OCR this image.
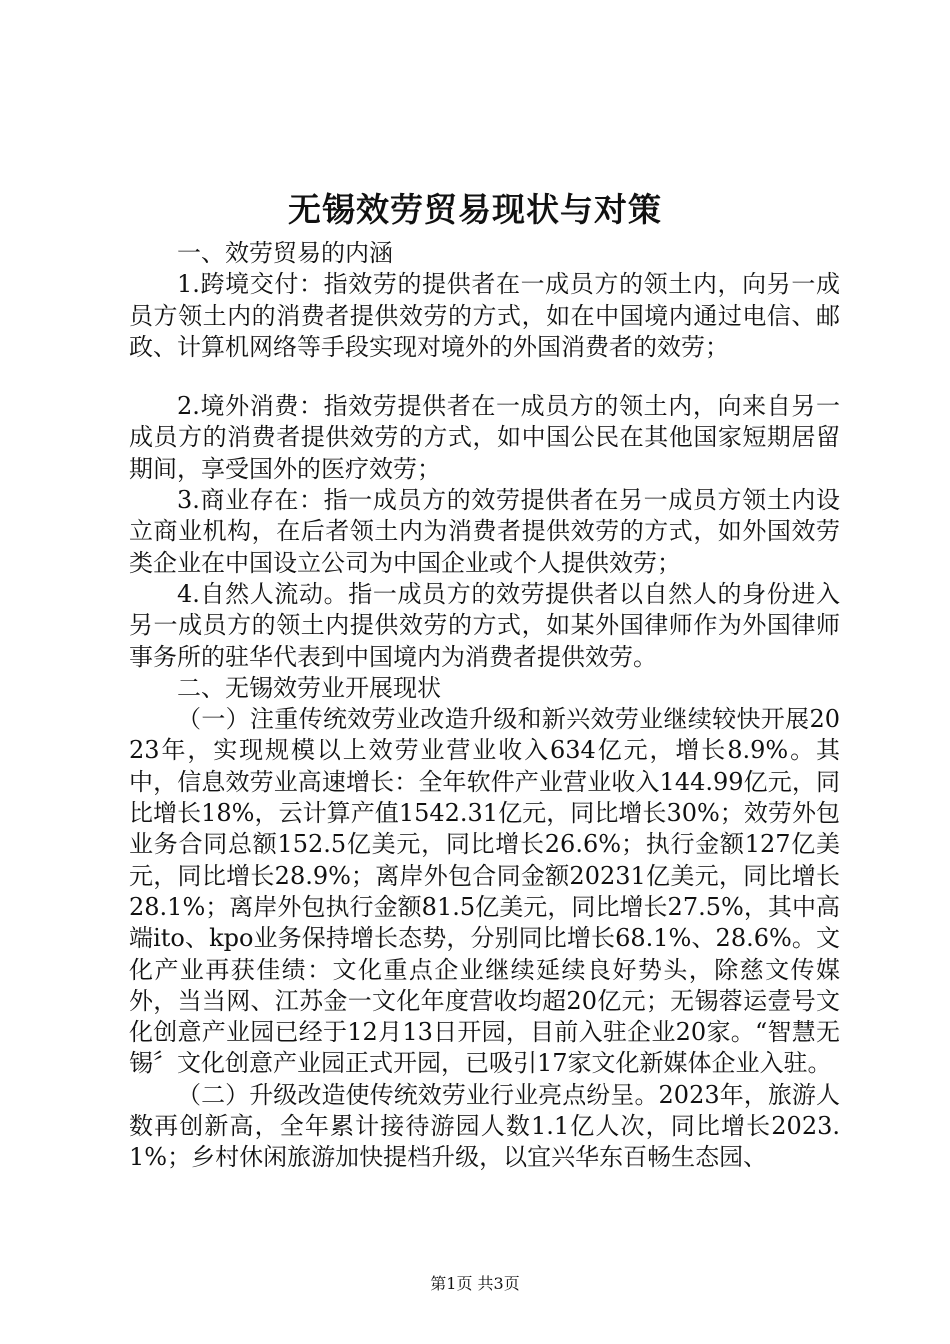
无锡效劳贸易现状与对策

一、效劳贸易的内涵

1.跨境交付：指效劳的提供者在一成员方的领土内，向另一成员方领土内的消费者提供效劳的方式，如在中国境内通过电信、邮政、计算机网络等手段实现对境外的外国消费者的效劳；

2.境外消费：指效劳提供者在一成员方的领土内，向来自另一成员方的消费者提供效劳的方式，如中国公民在其他国家短期居留期间，享受国外的医疗效劳；

3.商业存在：指一成员方的效劳提供者在另一成员方领土内设立商业机构，在后者领土内为消费者提供效劳的方式，如外国效劳类企业在中国设立公司为中国企业或个人提供效劳；

4.自然人流动。指一成员方的效劳提供者以自然人的身份进入另一成员方的领土内提供效劳的方式，如某外国律师作为外国律师事务所的驻华代表到中国境内为消费者提供效劳。

二、无锡效劳业开展现状

（一）注重传统效劳业改造升级和新兴效劳业继续较快开展2023年，实现规模以上效劳业营业收入634亿元，增长8.9%。其中，信息效劳业高速增长：全年软件产业营业收入144.99亿元，同比增长18%，云计算产值1542.31亿元，同比增长30%；效劳外包业务合同总额152.5亿美元，同比增长26.6%；执行金额127亿美元，同比增长28.9%；离岸外包合同金额20231亿美元，同比增长28.1%；离岸外包执行金额81.5亿美元，同比增长27.5%，其中高端ito、kpo业务保持增长态势，分别同比增长68.1%、28.6%。文化产业再获佳绩：文化重点企业继续延续良好势头，除慈文传媒外，当当网、江苏金一文化年度营收均超20亿元；无锡蓉运壹号文化创意产业园已经于12月13日开园，目前入驻企业20家。“智慧无锡〞文化创意产业园正式开园，已吸引17家文化新媒体企业入驻。

（二）升级改造使传统效劳业行业亮点纷呈。2023年，旅游人数再创新高，全年累计接待游园人数1.1亿人次，同比增长2023.1%；乡村休闲旅游加快提档升级，以宜兴华东百畅生态园、

第1页 共3页
